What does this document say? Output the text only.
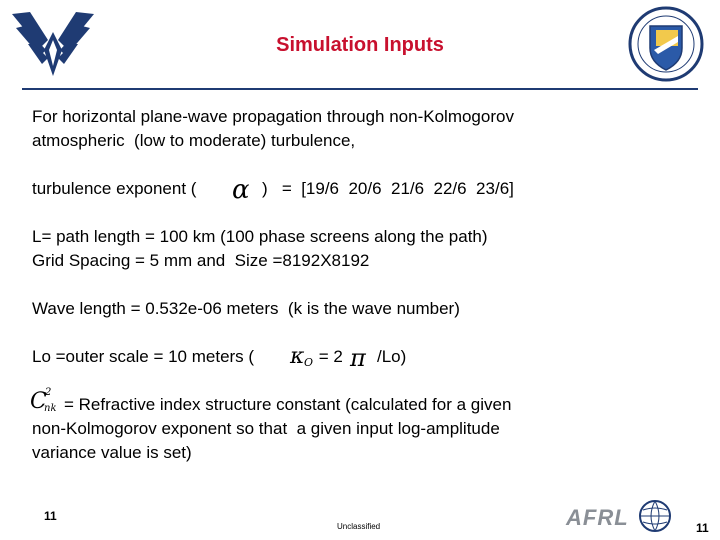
Simulation Inputs
For horizontal plane-wave propagation through non-Kolmogorov
atmospheric  (low to moderate) turbulence,
turbulence exponent ( α )   =  [19/6  20/6  21/6  22/6  23/6]
L= path length = 100 km (100 phase screens along the path)
Grid Spacing = 5 mm and  Size =8192X8192
Wave length = 0.532e-06 meters  (k is the wave number)
Lo =outer scale = 10 meters ( κ O = 2 π /Lo)
C
2
nk = Refractive index structure constant (calculated for a given
non-Kolmogorov exponent so that  a given input log-amplitude
variance value is set)
11
Unclassified	AFRL	11
